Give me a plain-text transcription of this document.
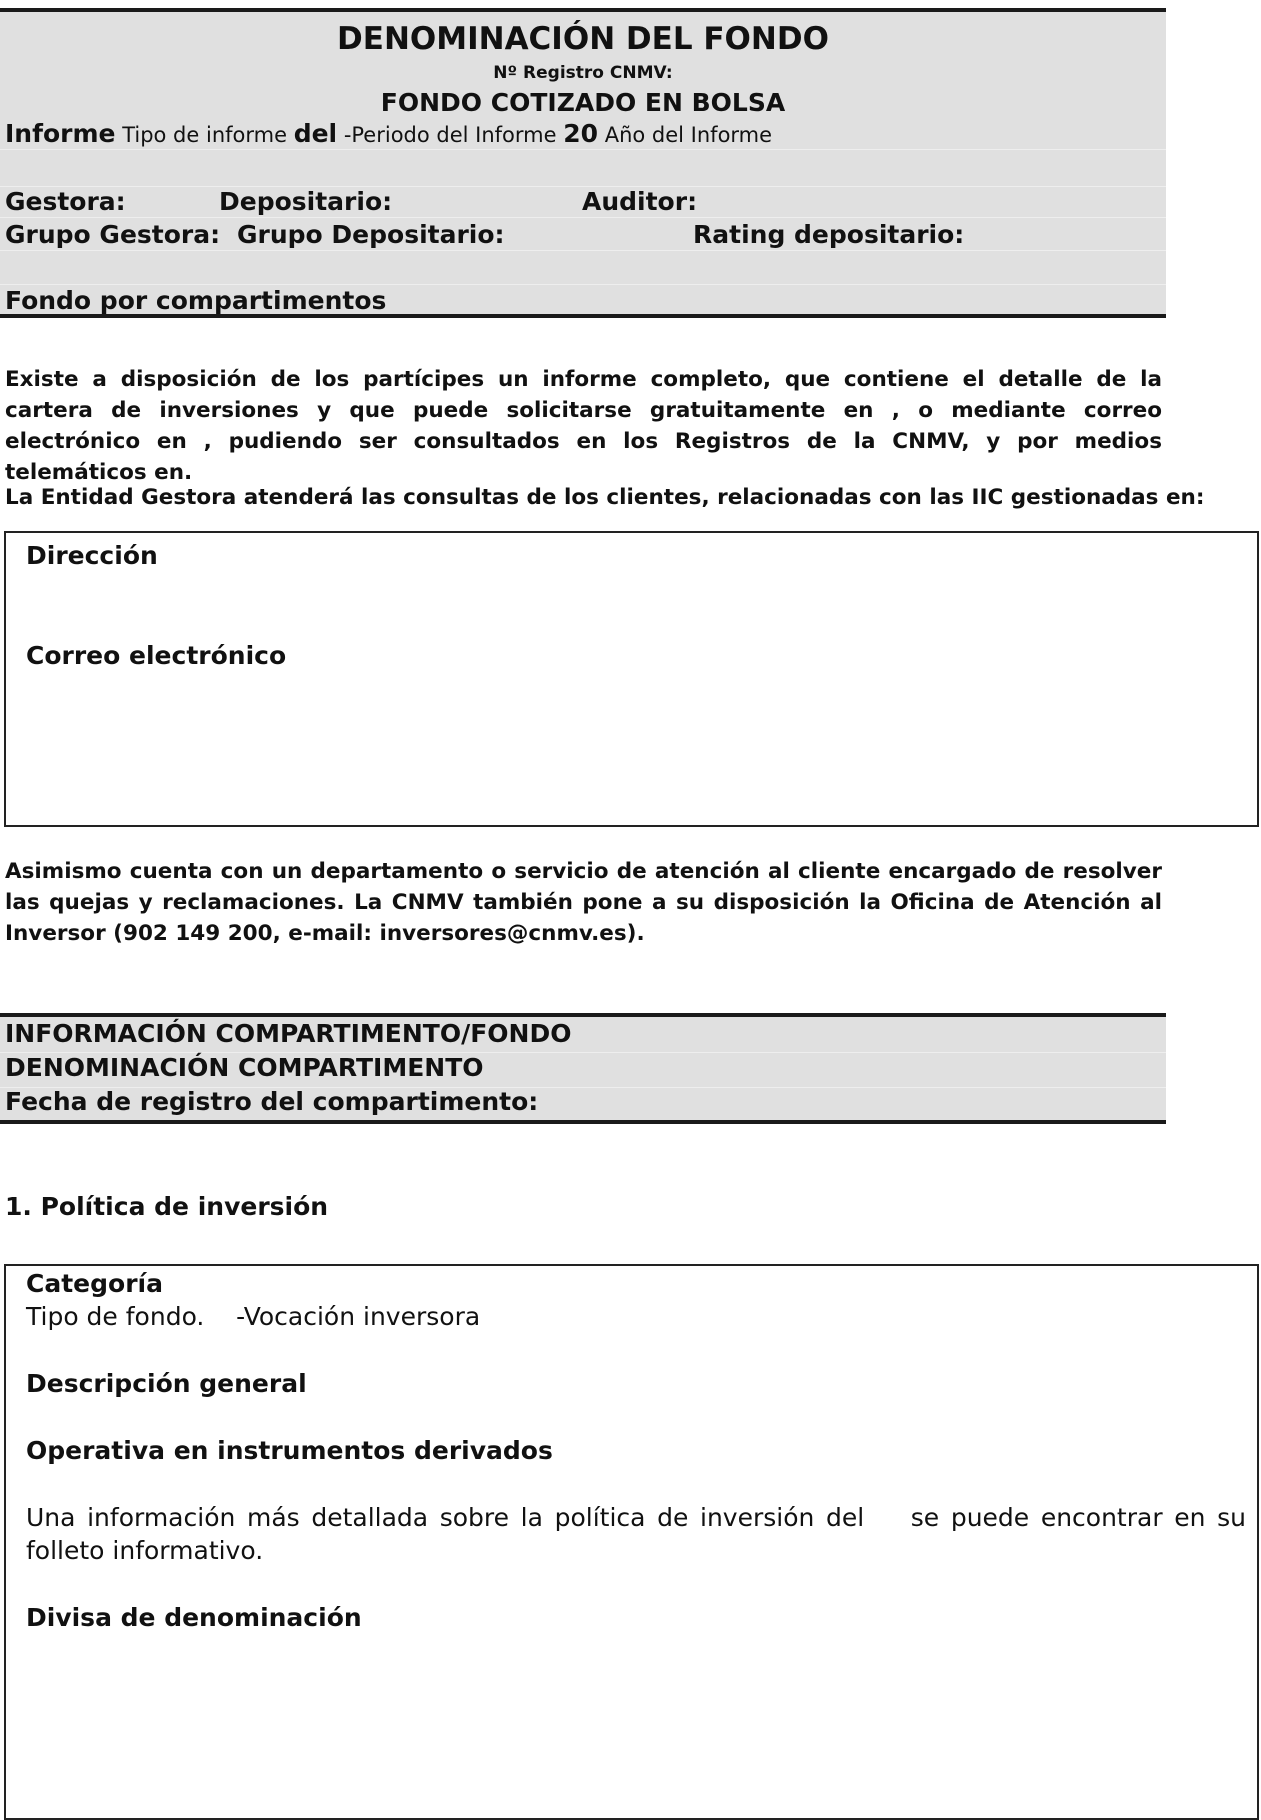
DENOMINACIÓN DEL FONDO
Nº Registro CNMV:
FONDO COTIZADO EN BOLSA
Informe Tipo de informe del -Periodo del Informe 20 Año del Informe
Gestora:	Depositario:	Auditor:
Grupo Gestora: Grupo Depositario:	Rating depositario:
Fondo por compartimentos
Existe a disposición de los partícipes un informe completo, que contiene el detalle de la cartera de inversiones y que puede solicitarse gratuitamente en , o mediante correo electrónico en , pudiendo ser consultados en los Registros de la CNMV, y por medios telemáticos en.
La Entidad Gestora atenderá las consultas de los clientes, relacionadas con las IIC gestionadas en:
Dirección
Correo electrónico
Asimismo cuenta con un departamento o servicio de atención al cliente encargado de resolver las quejas y reclamaciones. La CNMV también pone a su disposición la Oficina de Atención al Inversor (902 149 200, e-mail: inversores@cnmv.es).
INFORMACIÓN COMPARTIMENTO/FONDO
DENOMINACIÓN COMPARTIMENTO
Fecha de registro del compartimento:
1. Política de inversión
Categoría
Tipo de fondo.    -Vocación inversora
Descripción general
Operativa en instrumentos derivados
Una información más detallada sobre la política de inversión del    se puede encontrar en su folleto informativo.
Divisa de denominación
